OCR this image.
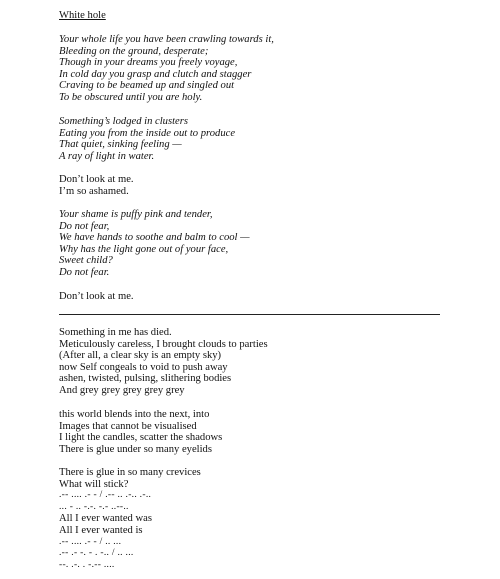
White hole
Your whole life you have been crawling towards it,
Bleeding on the ground, desperate;
Though in your dreams you freely voyage,
In cold day you grasp and clutch and stagger
Craving to be beamed up and singled out
To be obscured until you are holy.
Something’s lodged in clusters
Eating you from the inside out to produce
That quiet, sinking feeling —
A ray of light in water.
Don’t look at me.
I’m so ashamed.
Your shame is puffy pink and tender,
Do not fear,
We have hands to soothe and balm to cool —
Why has the light gone out of your face,
Sweet child?
Do not fear.
Don’t look at me.
Something in me has died.
Meticulously careless, I brought clouds to parties
(After all, a clear sky is an empty sky)
now Self congeals to void to push away
ashen, twisted, pulsing, slithering bodies
And grey grey grey grey grey
this world blends into the next, into
Images that cannot be visualised
I light the candles, scatter the shadows
There is glue under so many eyelids
There is glue in so many crevices
What will stick?
.-- .... .- - / .-- .. .-.. .-..
... - .. -.-. -.- ..--..
All I ever wanted was
All I ever wanted is
.-- .... .- - / .. ...
.-- .- -. - . -.. / .. ...
--. .-. . -.-- ....
